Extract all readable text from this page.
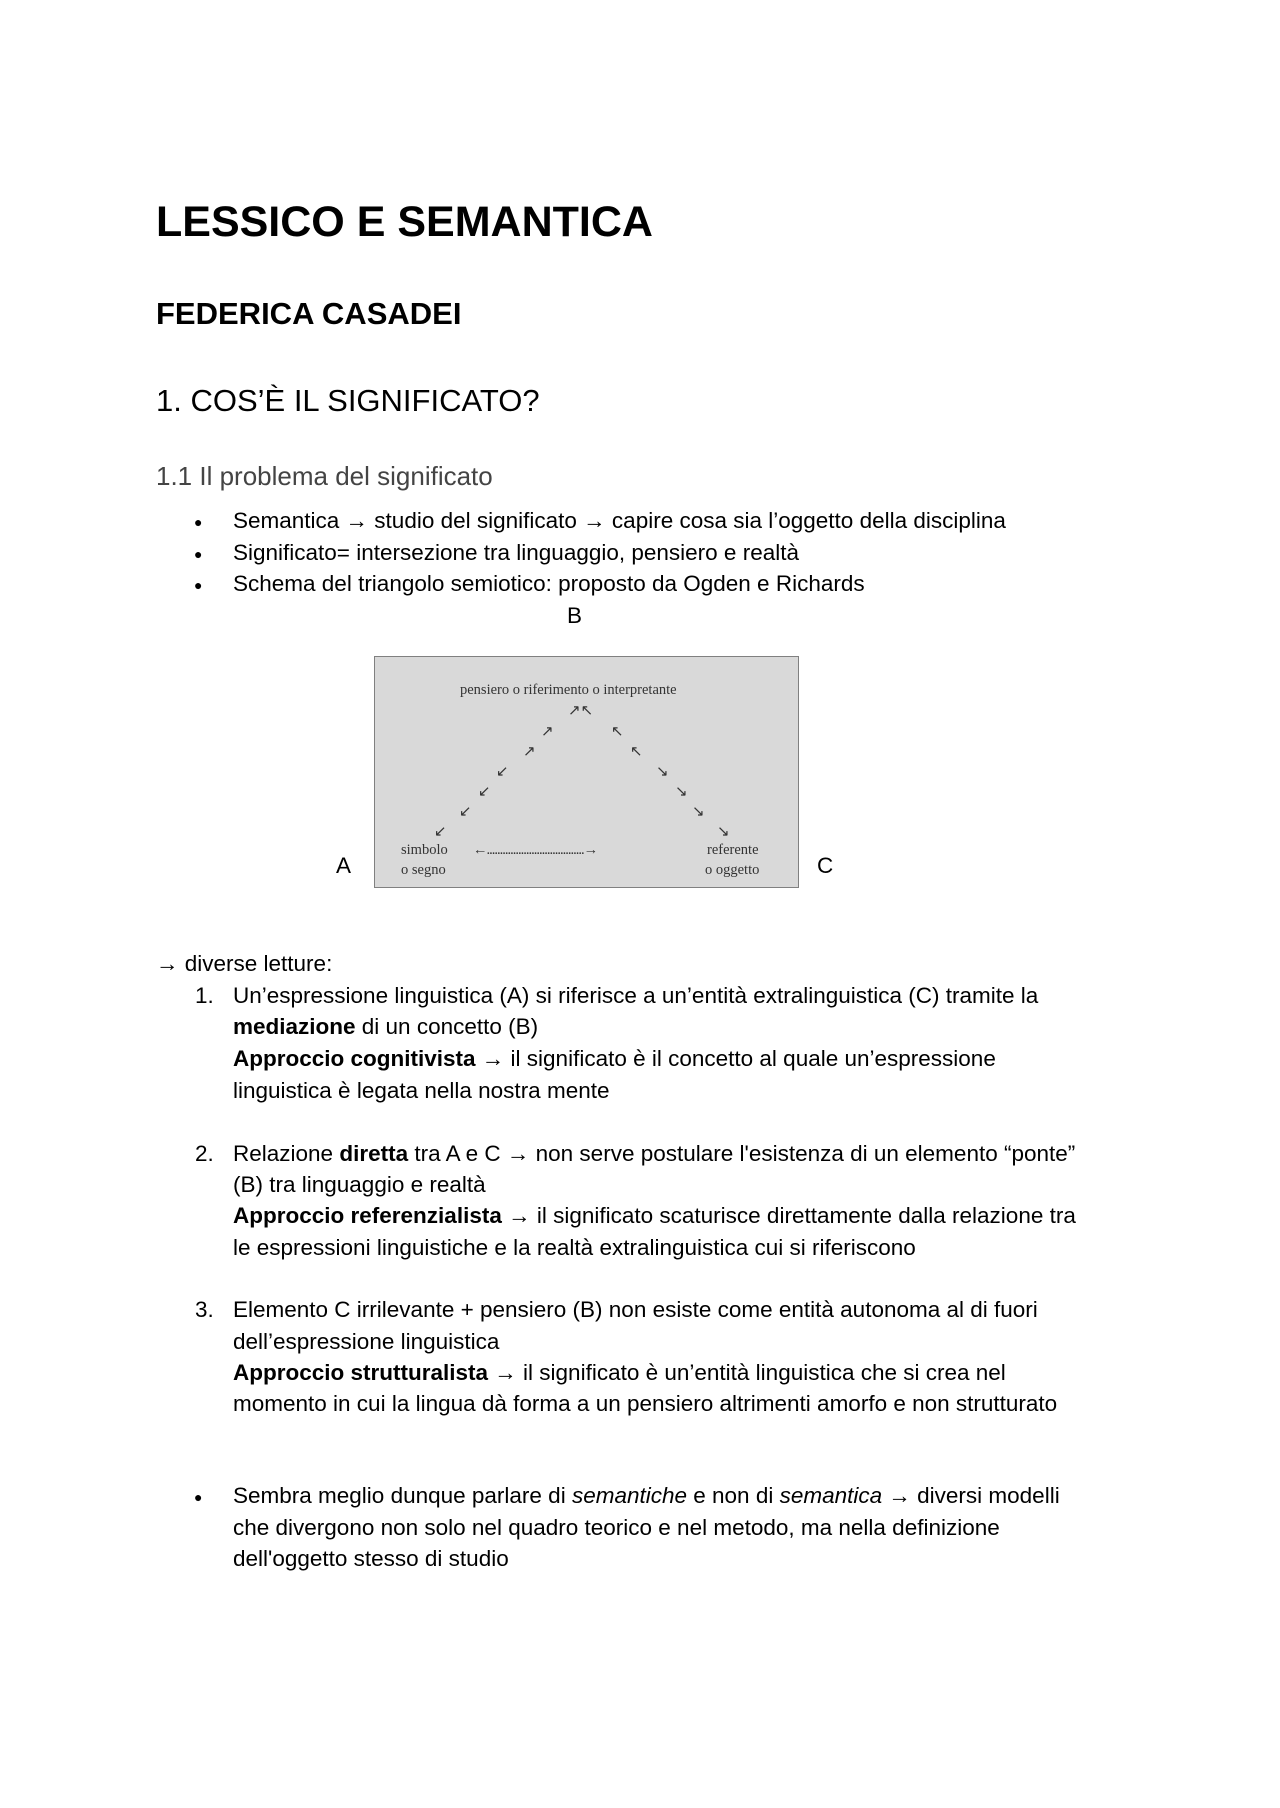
LESSICO E SEMANTICA
FEDERICA CASADEI
1. COS’È IL SIGNIFICATO?
1.1 Il problema del significato
● Semantica → studio del significato → capire cosa sia l’oggetto della disciplina
● Significato= intersezione tra linguaggio, pensiero e realtà
● Schema del triangolo semiotico: proposto da Ogden e Richards
B
A	C
pensiero o riferimento o interpretante
↗↖
↗	↖
↗	↖
↙	↘
↙	↘
↙	↘
↙	↘
simbolo
o segno
←.....................................→	referente
o oggetto
→ diverse letture:
1. Un’espressione linguistica (A) si riferisce a un’entità extralinguistica (C) tramite la
mediazione di un concetto (B)
Approccio cognitivista → il significato è il concetto al quale un’espressione
linguistica è legata nella nostra mente
2. Relazione diretta tra A e C → non serve postulare l'esistenza di un elemento “ponte”
(B) tra linguaggio e realtà
Approccio referenzialista → il significato scaturisce direttamente dalla relazione tra
le espressioni linguistiche e la realtà extralinguistica cui si riferiscono
3. Elemento C irrilevante + pensiero (B) non esiste come entità autonoma al di fuori
dell’espressione linguistica
Approccio strutturalista → il significato è un’entità linguistica che si crea nel
momento in cui la lingua dà forma a un pensiero altrimenti amorfo e non strutturato
● Sembra meglio dunque parlare di semantiche e non di semantica → diversi modelli
che divergono non solo nel quadro teorico e nel metodo, ma nella definizione
dell'oggetto stesso di studio
